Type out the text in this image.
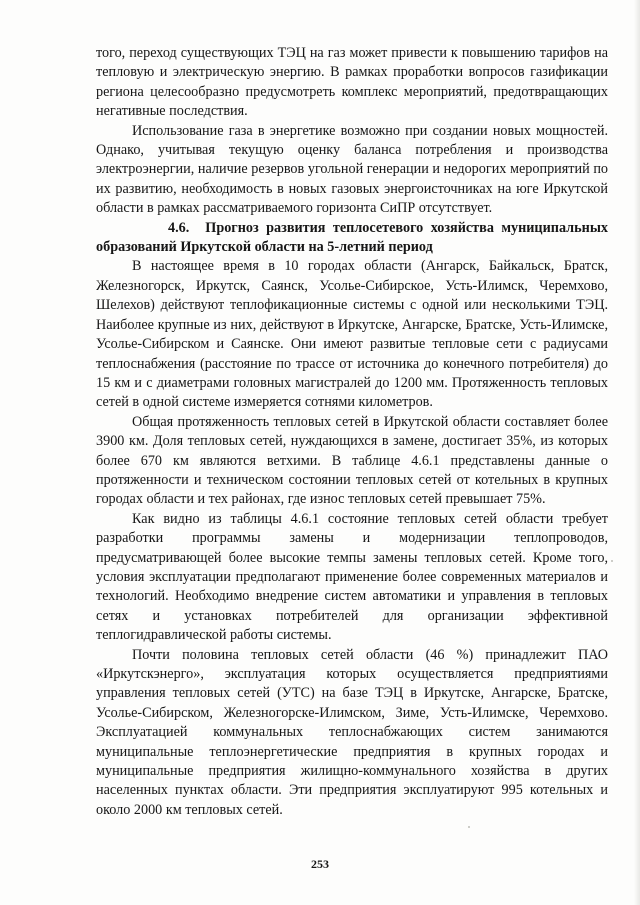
того, переход существующих ТЭЦ на газ может привести к повышению тарифов на тепловую и электрическую энергию. В рамках проработки вопросов газификации региона целесообразно предусмотреть комплекс мероприятий, предотвращающих негативные последствия.

Использование газа в энергетике возможно при создании новых мощностей. Однако, учитывая текущую оценку баланса потребления и производства электроэнергии, наличие резервов угольной генерации и недорогих мероприятий по их развитию, необходимость в новых газовых энергоисточниках на юге Иркутской области в рамках рассматриваемого горизонта СиПР отсутствует.

4.6. Прогноз развития теплосетевого хозяйства муниципальных образований Иркутской области на 5-летний период

В настоящее время в 10 городах области (Ангарск, Байкальск, Братск, Железногорск, Иркутск, Саянск, Усолье-Сибирское, Усть-Илимск, Черемхово, Шелехов) действуют теплофикационные системы с одной или несколькими ТЭЦ. Наиболее крупные из них, действуют в Иркутске, Ангарске, Братске, Усть-Илимске, Усолье-Сибирском и Саянске. Они имеют развитые тепловые сети с радиусами теплоснабжения (расстояние по трассе от источника до конечного потребителя) до 15 км и с диаметрами головных магистралей до 1200 мм. Протяженность тепловых сетей в одной системе измеряется сотнями километров.

Общая протяженность тепловых сетей в Иркутской области составляет более 3900 км. Доля тепловых сетей, нуждающихся в замене, достигает 35%, из которых более 670 км являются ветхими. В таблице 4.6.1 представлены данные о протяженности и техническом состоянии тепловых сетей от котельных в крупных городах области и тех районах, где износ тепловых сетей превышает 75%.

Как видно из таблицы 4.6.1 состояние тепловых сетей области требует разработки программы замены и модернизации теплопроводов, предусматривающей более высокие темпы замены тепловых сетей. Кроме того, условия эксплуатации предполагают применение более современных материалов и технологий. Необходимо внедрение систем автоматики и управления в тепловых сетях и установках потребителей для организации эффективной теплогидравлической работы системы.

Почти половина тепловых сетей области (46 %) принадлежит ПАО «Иркутскэнерго», эксплуатация которых осуществляется предприятиями управления тепловых сетей (УТС) на базе ТЭЦ в Иркутске, Ангарске, Братске, Усолье-Сибирском, Железногорске-Илимском, Зиме, Усть-Илимске, Черемхово. Эксплуатацией коммунальных теплоснабжающих систем занимаются муниципальные теплоэнергетические предприятия в крупных городах и муниципальные предприятия жилищно-коммунального хозяйства в других населенных пунктах области. Эти предприятия эксплуатируют 995 котельных и около 2000 км тепловых сетей.

253
